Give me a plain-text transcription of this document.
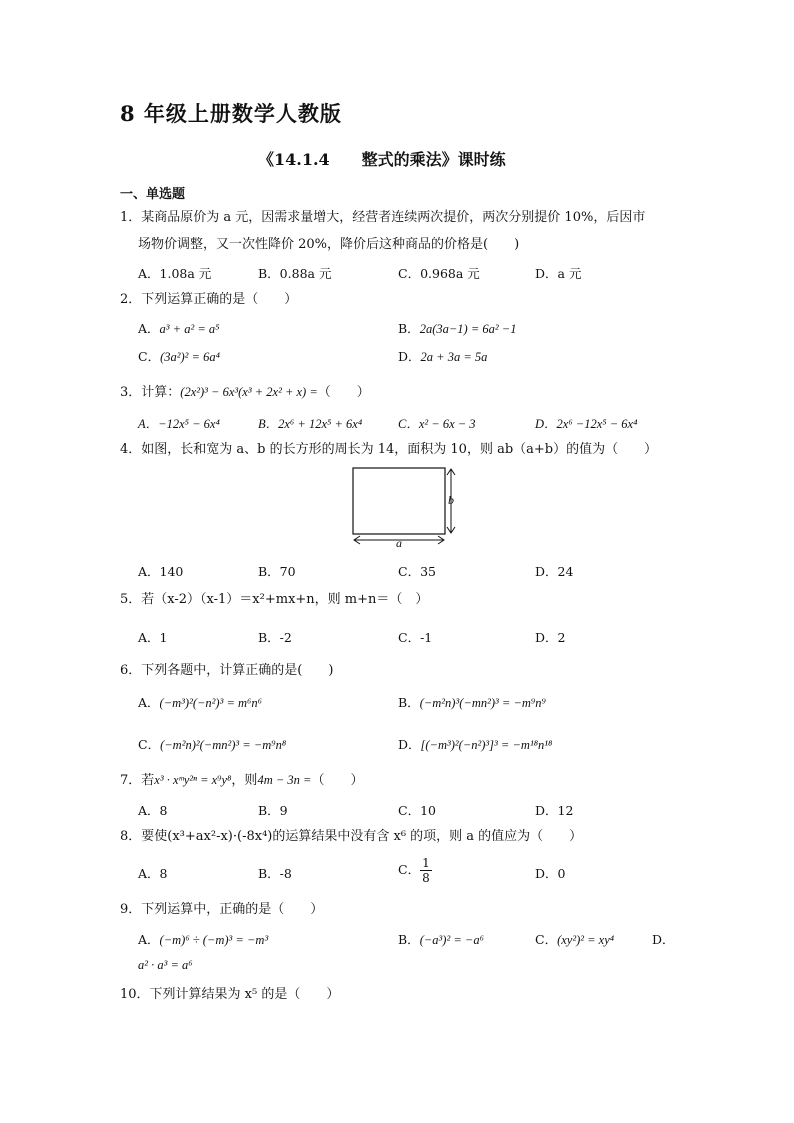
8 年级上册数学人教版
《14.1.4　　整式的乘法》课时练
一、单选题
1．某商品原价为 a 元，因需求量增大，经营者连续两次提价，两次分别提价 10%，后因市
场物价调整，又一次性降价 20%，降价后这种商品的价格是(　　)
A．1.08a 元	B．0.88a 元	C．0.968a 元	D．a 元
2．下列运算正确的是（　　）
A．a³ + a² = a⁵	B．2a(3a−1) = 6a² −1
C．(3a²)² = 6a⁴	D．2a + 3a = 5a
3．计算：(2x²)³ − 6x³(x³ + 2x² + x) =（　　）
A．−12x⁵ − 6x⁴	B．2x⁶ + 12x⁵ + 6x⁴	C．x² − 6x − 3	D．2x⁶ −12x⁵ − 6x⁴
4．如图，长和宽为 a、b 的长方形的周长为 14，面积为 10，则 ab（a+b）的值为（　　）
b
a
A．140	B．70	C．35	D．24
5．若（x-2）（x-1）＝x²+mx+n，则 m+n＝（　）
A．1	B．-2	C．-1	D．2
6．下列各题中，计算正确的是(　　)
A．(−m³)²(−n²)³ = m⁶n⁶	B．(−m²n)³(−mn²)³ = −m⁹n⁹
C．(−m²n)²(−mn²)³ = −m⁹n⁸	D．[(−m³)²(−n²)³]³ = −m¹⁸n¹⁸
7．若x³ · xᵐy²ⁿ = x⁹y⁸，则4m − 3n =（　　）
A．8	B．9	C．10	D．12
8．要使(x³+ax²-x)·(-8x⁴)的运算结果中没有含 x⁶ 的项，则 a 的值应为（　　）
A．8	B．-8	C． $\frac{1}{8}$	D．0
9．下列运算中，正确的是（　　）
A．(−m)⁶ ÷ (−m)³ = −m³	B．(−a³)² = −a⁶	C．(xy²)² = xy⁴	D．
a² · a³ = a⁶
10．下列计算结果为 x⁵ 的是（　　）
